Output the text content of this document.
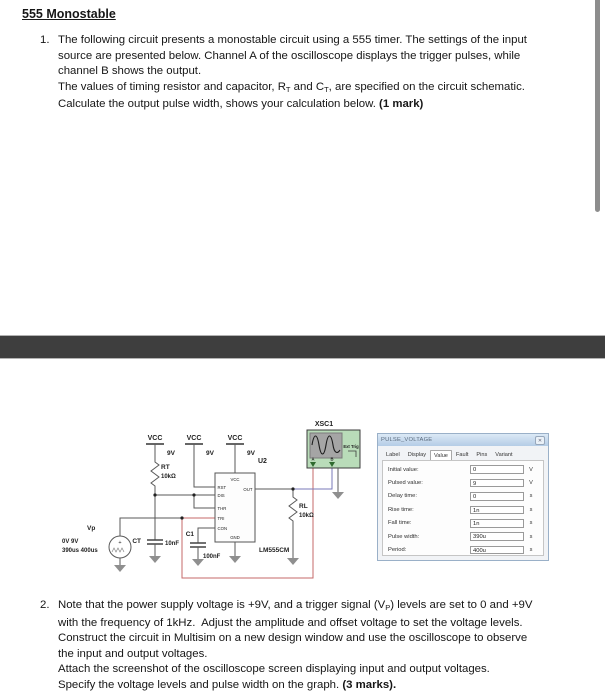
555 Monostable
1. The following circuit presents a monostable circuit using a 555 timer. The settings of the input
source are presented below. Channel A of the oscilloscope displays the trigger pulses, while
channel B shows the output.
The values of timing resistor and capacitor, $R_T$ and $C_T$, are specified on the circuit schematic.
Calculate the output pulse width, shows your calculation below. (1 mark)
VCC
9V
VCC
9V
VCC
9V
RT
10kΩ
CT	10nF
+
Vp
0V 9V
390us 400us
VCC
RST
DIS
THR
TRI
CON
OUT
GND
U2
LM555CM
C1
100nF
RL
10kΩ
XSC1
Ext Trig
A	B
PULSE_VOLTAGE	✕
Label	Display	Value	Fault	Pins	Variant
Initial value:	0	V
Pulsed value:	9	V
Delay time:	0	s
Rise time:	1n	s
Fall time:	1n	s
Pulse width:	390u	s
Period:	400u	s
2. Note that the power supply voltage is +9V, and a trigger signal $(V_P)$ levels are set to 0 and +9V
with the frequency of 1kHz.  Adjust the amplitude and offset voltage to set the voltage levels.
Construct the circuit in Multisim on a new design window and use the oscilloscope to observe
the input and output voltages.
Attach the screenshot of the oscilloscope screen displaying input and output voltages.
Specify the voltage levels and pulse width on the graph. (3 marks).
